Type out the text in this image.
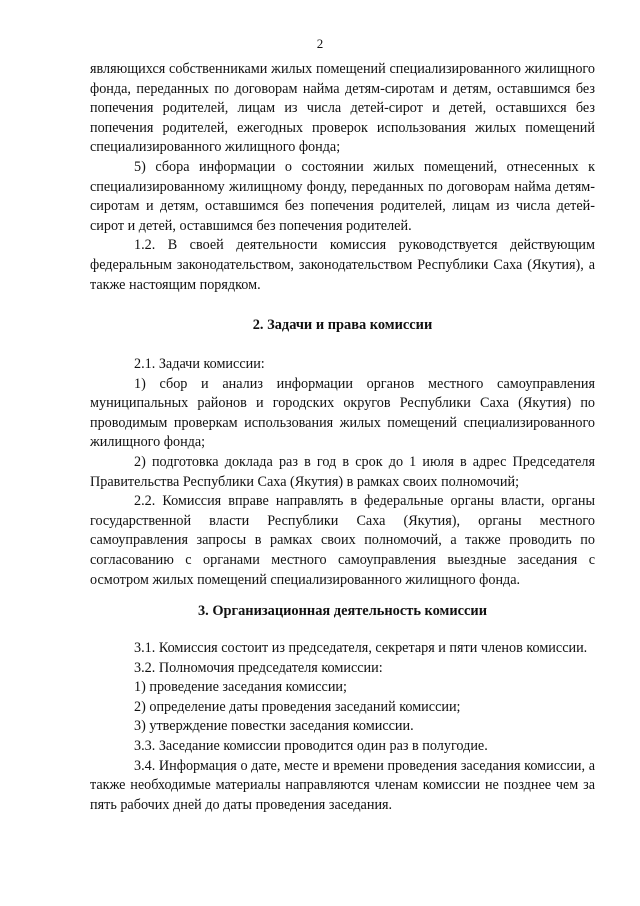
2

являющихся собственниками жилых помещений специализированного жилищного фонда, переданных по договорам найма детям-сиротам и детям, оставшимся без попечения родителей, лицам из числа детей-сирот и детей, оставшихся без попечения родителей, ежегодных проверок использования жилых помещений специализированного жилищного фонда;

5) сбора информации о состоянии жилых помещений, отнесенных к специализированному жилищному фонду, переданных по договорам найма детям-сиротам и детям, оставшимся без попечения родителей, лицам из числа детей-сирот и детей, оставшимся без попечения родителей.

1.2. В своей деятельности комиссия руководствуется действующим федеральным законодательством, законодательством Республики Саха (Якутия), а также настоящим порядком.

2. Задачи и права комиссии

2.1. Задачи комиссии:

1) сбор и анализ информации органов местного самоуправления муниципальных районов и городских округов Республики Саха (Якутия) по проводимым проверкам использования жилых помещений специализированного жилищного фонда;

2) подготовка доклада раз в год в срок до 1 июля в адрес Председателя Правительства Республики Саха (Якутия) в рамках своих полномочий;

2.2. Комиссия вправе направлять в федеральные органы власти, органы государственной власти Республики Саха (Якутия), органы местного самоуправления запросы в рамках своих полномочий, а также проводить по согласованию с органами местного самоуправления выездные заседания с осмотром жилых помещений специализированного жилищного фонда.

3. Организационная деятельность комиссии

3.1. Комиссия состоит из председателя, секретаря и пяти членов комиссии.

3.2. Полномочия председателя комиссии:

1) проведение заседания комиссии;

2) определение даты проведения заседаний комиссии;

3) утверждение повестки заседания комиссии.

3.3. Заседание комиссии проводится один раз в полугодие.

3.4. Информация о дате, месте и времени проведения заседания комиссии, а также необходимые материалы направляются членам комиссии не позднее чем за пять рабочих дней до даты проведения заседания.
